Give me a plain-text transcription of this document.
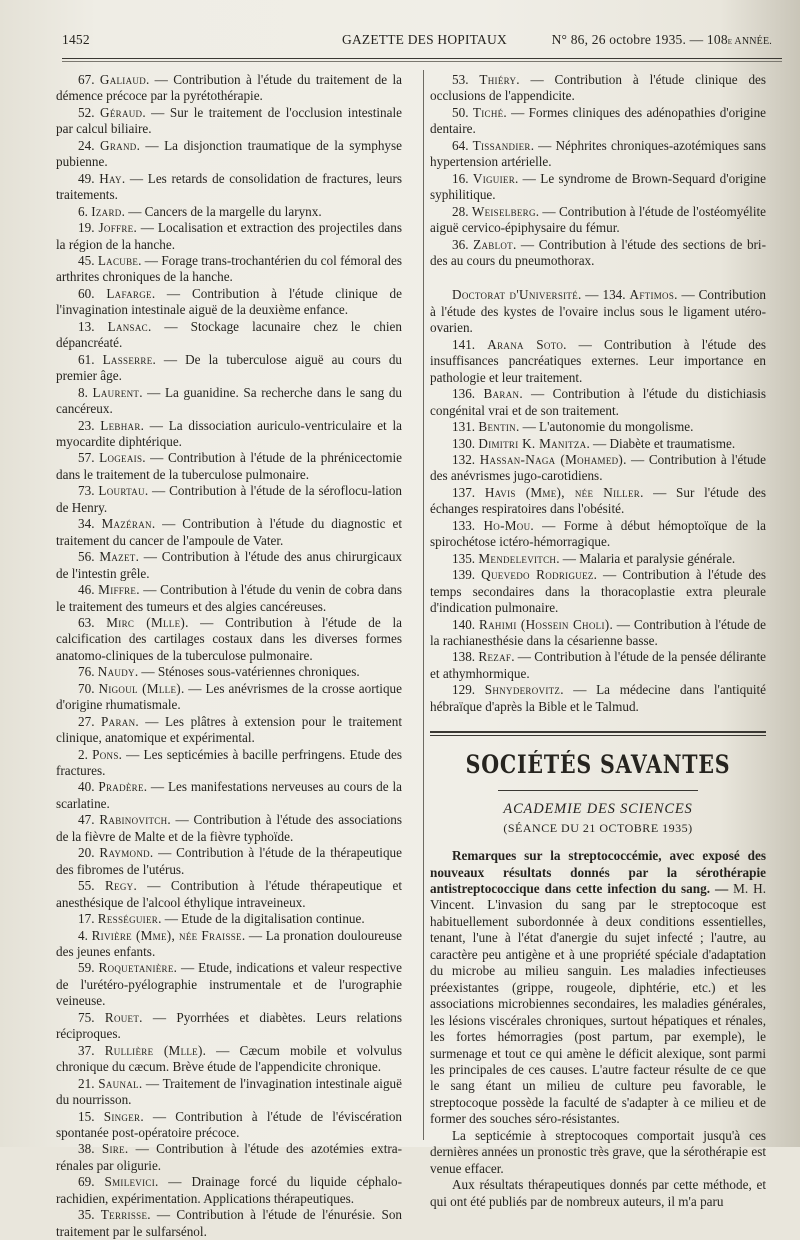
1452	GAZETTE DES HOPITAUX	N° 86, 26 octobre 1935. — 108e ANNÉE.

67. Galiaud. — Contribution à l'étude du traitement de la démence précoce par la pyrétothérapie.

52. Géraud. — Sur le traitement de l'occlusion intestinale par calcul biliaire.

24. Grand. — La disjonction traumatique de la symphyse pubienne.

49. Hay. — Les retards de consolidation de fractures, leurs traitements.

6. Izard. — Cancers de la margelle du larynx.

19. Joffre. — Localisation et extraction des projectiles dans la région de la hanche.

45. Lacube. — Forage trans-trochantérien du col fémoral des arthrites chroniques de la hanche.

60. Lafarge. — Contribution à l'étude clinique de l'invagination intestinale aiguë de la deuxième enfance.

13. Lansac. — Stockage lacunaire chez le chien dépancréaté.

61. Lasserre. — De la tuberculose aiguë au cours du premier âge.

8. Laurent. — La guanidine. Sa recherche dans le sang du cancéreux.

23. Lebhar. — La dissociation auriculo-ventriculaire et la myocardite diphtérique.

57. Logeais. — Contribution à l'étude de la phrénicectomie dans le traitement de la tuberculose pulmonaire.

73. Lourtau. — Contribution à l'étude de la séroflocu-lation de Henry.

34. Mazéran. — Contribution à l'étude du diagnostic et traitement du cancer de l'ampoule de Vater.

56. Mazet. — Contribution à l'étude des anus chirurgicaux de l'intestin grêle.

46. Miffre. — Contribution à l'étude du venin de cobra dans le traitement des tumeurs et des algies cancéreuses.

63. Mirc (Mlle). — Contribution à l'étude de la calcification des cartilages costaux dans les diverses formes anatomo-cliniques de la tuberculose pulmonaire.

76. Naudy. — Sténoses sous-vatériennes chroniques.

70. Nigoul (Mlle). — Les anévrismes de la crosse aortique d'origine rhumatismale.

27. Paran. — Les plâtres à extension pour le traitement clinique, anatomique et expérimental.

2. Pons. — Les septicémies à bacille perfringens. Etude des fractures.

40. Pradère. — Les manifestations nerveuses au cours de la scarlatine.

47. Rabinovitch. — Contribution à l'étude des associations de la fièvre de Malte et de la fièvre typhoïde.

20. Raymond. — Contribution à l'étude de la thérapeutique des fibromes de l'utérus.

55. Regy. — Contribution à l'étude thérapeutique et anesthésique de l'alcool éthylique intraveineux.

17. Rességuier. — Etude de la digitalisation continue.

4. Rivière (Mme), née Fraisse. — La pronation douloureuse des jeunes enfants.

59. Roquetanière. — Etude, indications et valeur respective de l'urétéro-pyélographie instrumentale et de l'urographie veineuse.

75. Rouet. — Pyorrhées et diabètes. Leurs relations réciproques.

37. Rullière (Mlle). — Cæcum mobile et volvulus chronique du cæcum. Brève étude de l'appendicite chronique.

21. Saunal. — Traitement de l'invagination intestinale aiguë du nourrisson.

15. Singer. — Contribution à l'étude de l'éviscération spontanée post-opératoire précoce.

38. Sire. — Contribution à l'étude des azotémies extra-rénales par oligurie.

69. Smilevici. — Drainage forcé du liquide céphalo-rachidien, expérimentation. Applications thérapeutiques.

35. Terrisse. — Contribution à l'étude de l'énurésie. Son traitement par le sulfarsénol.

53. Thiéry. — Contribution à l'étude clinique des occlusions de l'appendicite.

50. Tiché. — Formes cliniques des adénopathies d'origine dentaire.

64. Tissandier. — Néphrites chroniques-azotémiques sans hypertension artérielle.

16. Viguier. — Le syndrome de Brown-Sequard d'origine syphilitique.

28. Weiselberg. — Contribution à l'étude de l'ostéomyélite aiguë cervico-épiphysaire du fémur.

36. Zablot. — Contribution à l'étude des sections de bri-des au cours du pneumothorax.

Doctorat d'Université. — 134. Aftimos. — Contribution à l'étude des kystes de l'ovaire inclus sous le ligament utéro-ovarien.

141. Arana Soto. — Contribution à l'étude des insuffisances pancréatiques externes. Leur importance en pathologie et leur traitement.

136. Baran. — Contribution à l'étude du distichiasis congénital vrai et de son traitement.

131. Bentin. — L'autonomie du mongolisme.

130. Dimitri K. Manitza. — Diabète et traumatisme.

132. Hassan-Naga (Mohamed). — Contribution à l'étude des anévrismes jugo-carotidiens.

137. Havis (Mme), née Niller. — Sur l'étude des échanges respiratoires dans l'obésité.

133. Ho-Mou. — Forme à début hémoptoïque de la spirochétose ictéro-hémorragique.

135. Mendelevitch. — Malaria et paralysie générale.

139. Quevedo Rodriguez. — Contribution à l'étude des temps secondaires dans la thoracoplastie extra pleurale d'indication pulmonaire.

140. Rahimi (Hossein Choli). — Contribution à l'étude de la rachianesthésie dans la césarienne basse.

138. Rezaf. — Contribution à l'étude de la pensée délirante et athymhormique.

129. Shnyderovitz. — La médecine dans l'antiquité hébraïque d'après la Bible et le Talmud.

SOCIÉTÉS SAVANTES
ACADEMIE DES SCIENCES
(SÉANCE DU 21 OCTOBRE 1935)

Remarques sur la streptococcémie, avec exposé des nouveaux résultats donnés par la sérothérapie antistreptococcique dans cette infection du sang. — M. H. Vincent. L'invasion du sang par le streptocoque est habituellement subordonnée à deux conditions essentielles, tenant, l'une à l'état d'anergie du sujet infecté ; l'autre, au caractère peu antigène et à une propriété spéciale d'adaptation du microbe au milieu sanguin. Les maladies infectieuses préexistantes (grippe, rougeole, diphtérie, etc.) et les associations microbiennes secondaires, les maladies générales, les lésions viscérales chroniques, surtout hépatiques et rénales, les fortes hémorragies (post partum, par exemple), le surmenage et tout ce qui amène le déficit alexique, sont parmi les principales de ces causes. L'autre facteur résulte de ce que le sang étant un milieu de culture peu favorable, le streptocoque possède la faculté de s'adapter à ce milieu et de former des souches séro-résistantes.

La septicémie à streptocoques comportait jusqu'à ces dernières années un pronostic très grave, que la sérothérapie est venue effacer.

Aux résultats thérapeutiques donnés par cette méthode, et qui ont été publiés par de nombreux auteurs, il m'a paru
